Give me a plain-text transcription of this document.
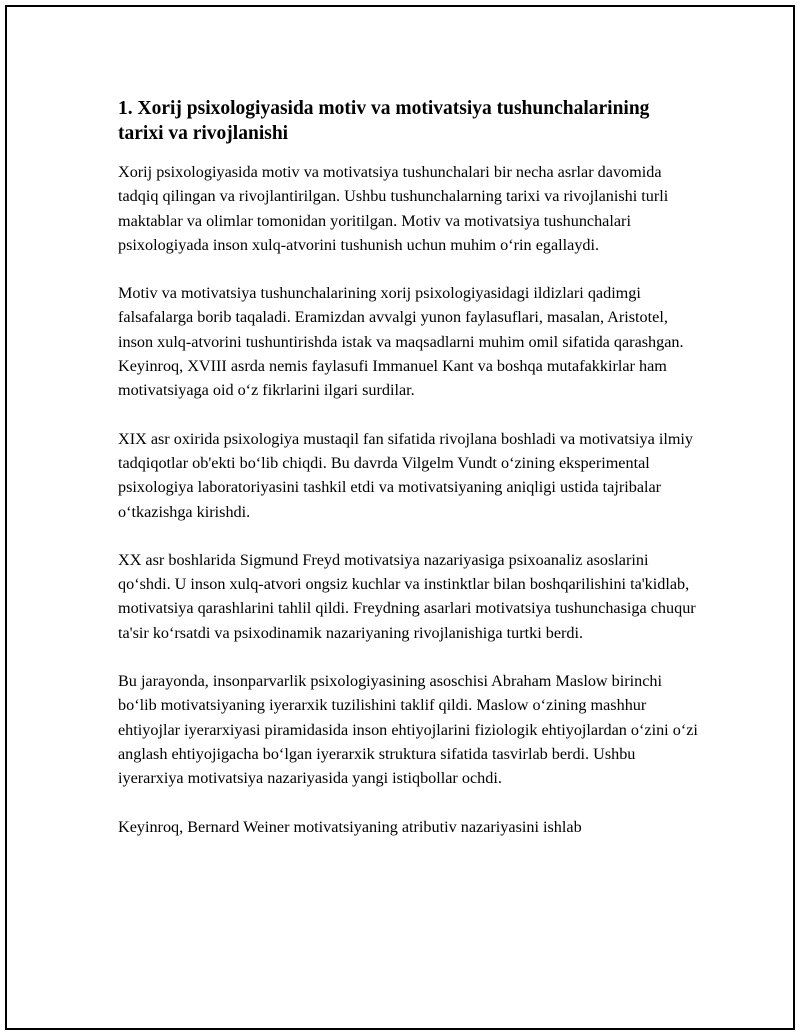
1. Xorij psixologiyasida motiv va motivatsiya tushunchalarining tarixi va rivojlanishi

Xorij psixologiyasida motiv va motivatsiya tushunchalari bir necha asrlar davomida tadqiq qilingan va rivojlantirilgan. Ushbu tushunchalarning tarixi va rivojlanishi turli maktablar va olimlar tomonidan yoritilgan. Motiv va motivatsiya tushunchalari psixologiyada inson xulq-atvorini tushunish uchun muhim o‘rin egallaydi.

Motiv va motivatsiya tushunchalarining xorij psixologiyasidagi ildizlari qadimgi falsafalarga borib taqaladi. Eramizdan avvalgi yunon faylasuflari, masalan, Aristotel, inson xulq-atvorini tushuntirishda istak va maqsadlarni muhim omil sifatida qarashgan. Keyinroq, XVIII asrda nemis faylasufi Immanuel Kant va boshqa mutafakkirlar ham motivatsiyaga oid o‘z fikrlarini ilgari surdilar.

XIX asr oxirida psixologiya mustaqil fan sifatida rivojlana boshladi va motivatsiya ilmiy tadqiqotlar ob'ekti bo‘lib chiqdi. Bu davrda Vilgelm Vundt o‘zining eksperimental psixologiya laboratoriyasini tashkil etdi va motivatsiyaning aniqligi ustida tajribalar o‘tkazishga kirishdi.

XX asr boshlarida Sigmund Freyd motivatsiya nazariyasiga psixoanaliz asoslarini qo‘shdi. U inson xulq-atvori ongsiz kuchlar va instinktlar bilan boshqarilishini ta'kidlab, motivatsiya qarashlarini tahlil qildi. Freydning asarlari motivatsiya tushunchasiga chuqur ta'sir ko‘rsatdi va psixodinamik nazariyaning rivojlanishiga turtki berdi.

Bu jarayonda, insonparvarlik psixologiyasining asoschisi Abraham Maslow birinchi bo‘lib motivatsiyaning iyerarxik tuzilishini taklif qildi. Maslow o‘zining mashhur ehtiyojlar iyerarxiyasi piramidasida inson ehtiyojlarini fiziologik ehtiyojlardan o‘zini o‘zi anglash ehtiyojigacha bo‘lgan iyerarxik struktura sifatida tasvirlab berdi. Ushbu iyerarxiya motivatsiya nazariyasida yangi istiqbollar ochdi.

Keyinroq, Bernard Weiner motivatsiyaning atributiv nazariyasini ishlab
